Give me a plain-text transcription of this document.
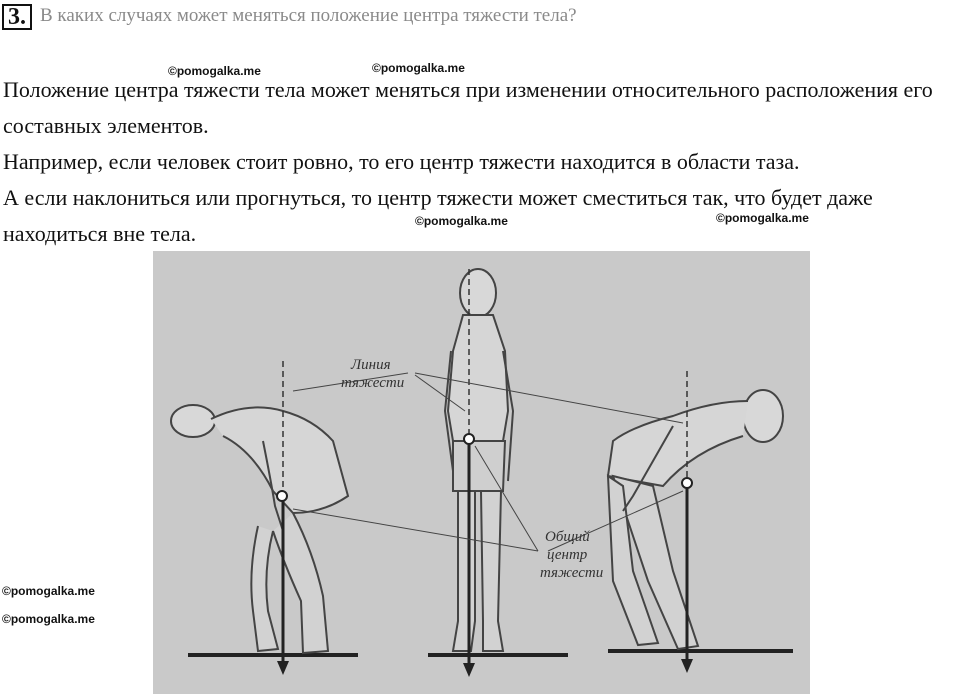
3. В каких случаях может меняться положение центра тяжести тела?
©pomogalka.me	©pomogalka.me

Положение центра тяжести тела может меняться при изменении относительного расположения его составных элементов.

Например, если человек стоит ровно, то его центр тяжести находится в области таза.

А если наклониться или прогнуться, то центр тяжести может сместиться так, что будет даже находиться вне тела.	©pomogalka.me	©pomogalka.me
©pomogalka.me
©pomogalka.me
Линия тяжести
Общий центр тяжести
